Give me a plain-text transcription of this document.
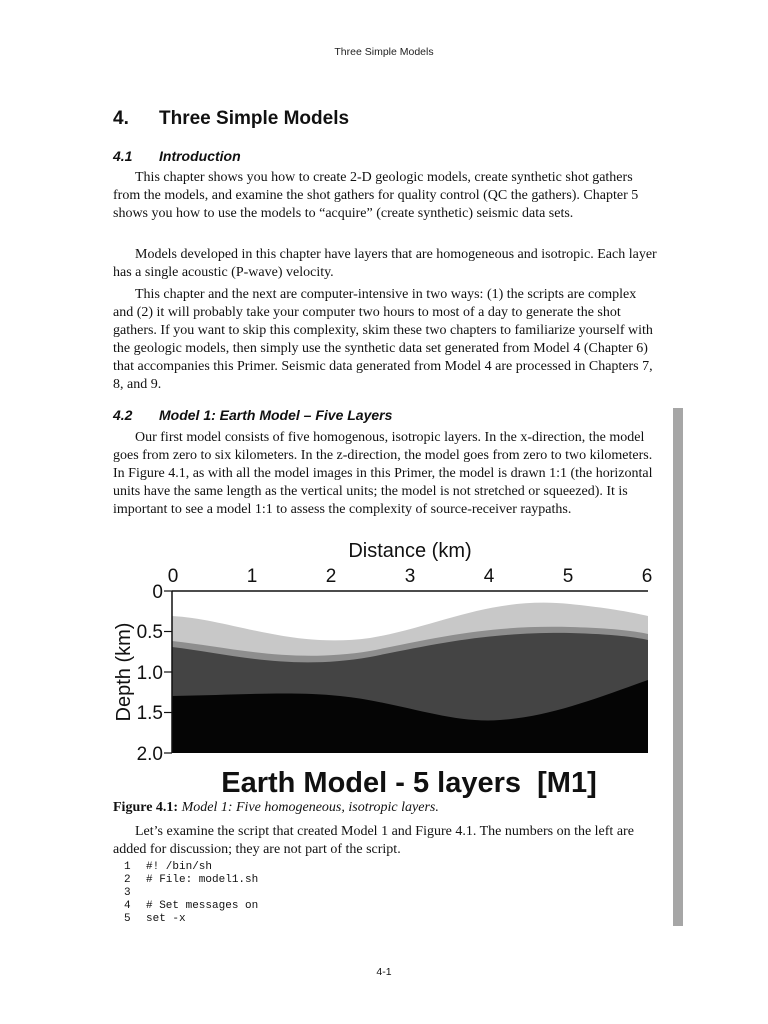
Three Simple Models
4. Three Simple Models
4.1 Introduction

This chapter shows you how to create 2-D geologic models, create synthetic shot gathers from the models, and examine the shot gathers for quality control (QC the gathers). Chapter 5 shows you how to use the models to “acquire” (create synthetic) seismic data sets.

Models developed in this chapter have layers that are homogeneous and isotropic. Each layer has a single acoustic (P-wave) velocity.

This chapter and the next are computer-intensive in two ways: (1) the scripts are complex and (2) it will probably take your computer two hours to most of a day to generate the shot gathers. If you want to skip this complexity, skim these two chapters to familiarize yourself with the geologic models, then simply use the synthetic data set generated from Model 4 (Chapter 6) that accompanies this Primer. Seismic data generated from Model 4 are processed in Chapters 7, 8, and 9.

4.2 Model 1: Earth Model – Five Layers

Our first model consists of five homogenous, isotropic layers. In the x-direction, the model goes from zero to six kilometers. In the z-direction, the model goes from zero to two kilometers. In Figure 4.1, as with all the model images in this Primer, the model is drawn 1:1 (the horizontal units have the same length as the vertical units; the model is not stretched or squeezed). It is important to see a model 1:1 to assess the complexity of source-receiver raypaths.

Distance (km)
0	1	2	3	4	5	6
0
0.5
1.0
1.5
2.0
Depth (km)
Earth Model - 5 layers  [M1]
Figure 4.1: Model 1: Five homogeneous, isotropic layers.

Let’s examine the script that created Model 1 and Figure 4.1. The numbers on the left are added for discussion; they are not part of the script.

1 #! /bin/sh
2 # File: model1.sh
3
4 # Set messages on
5 set -x
4-1
